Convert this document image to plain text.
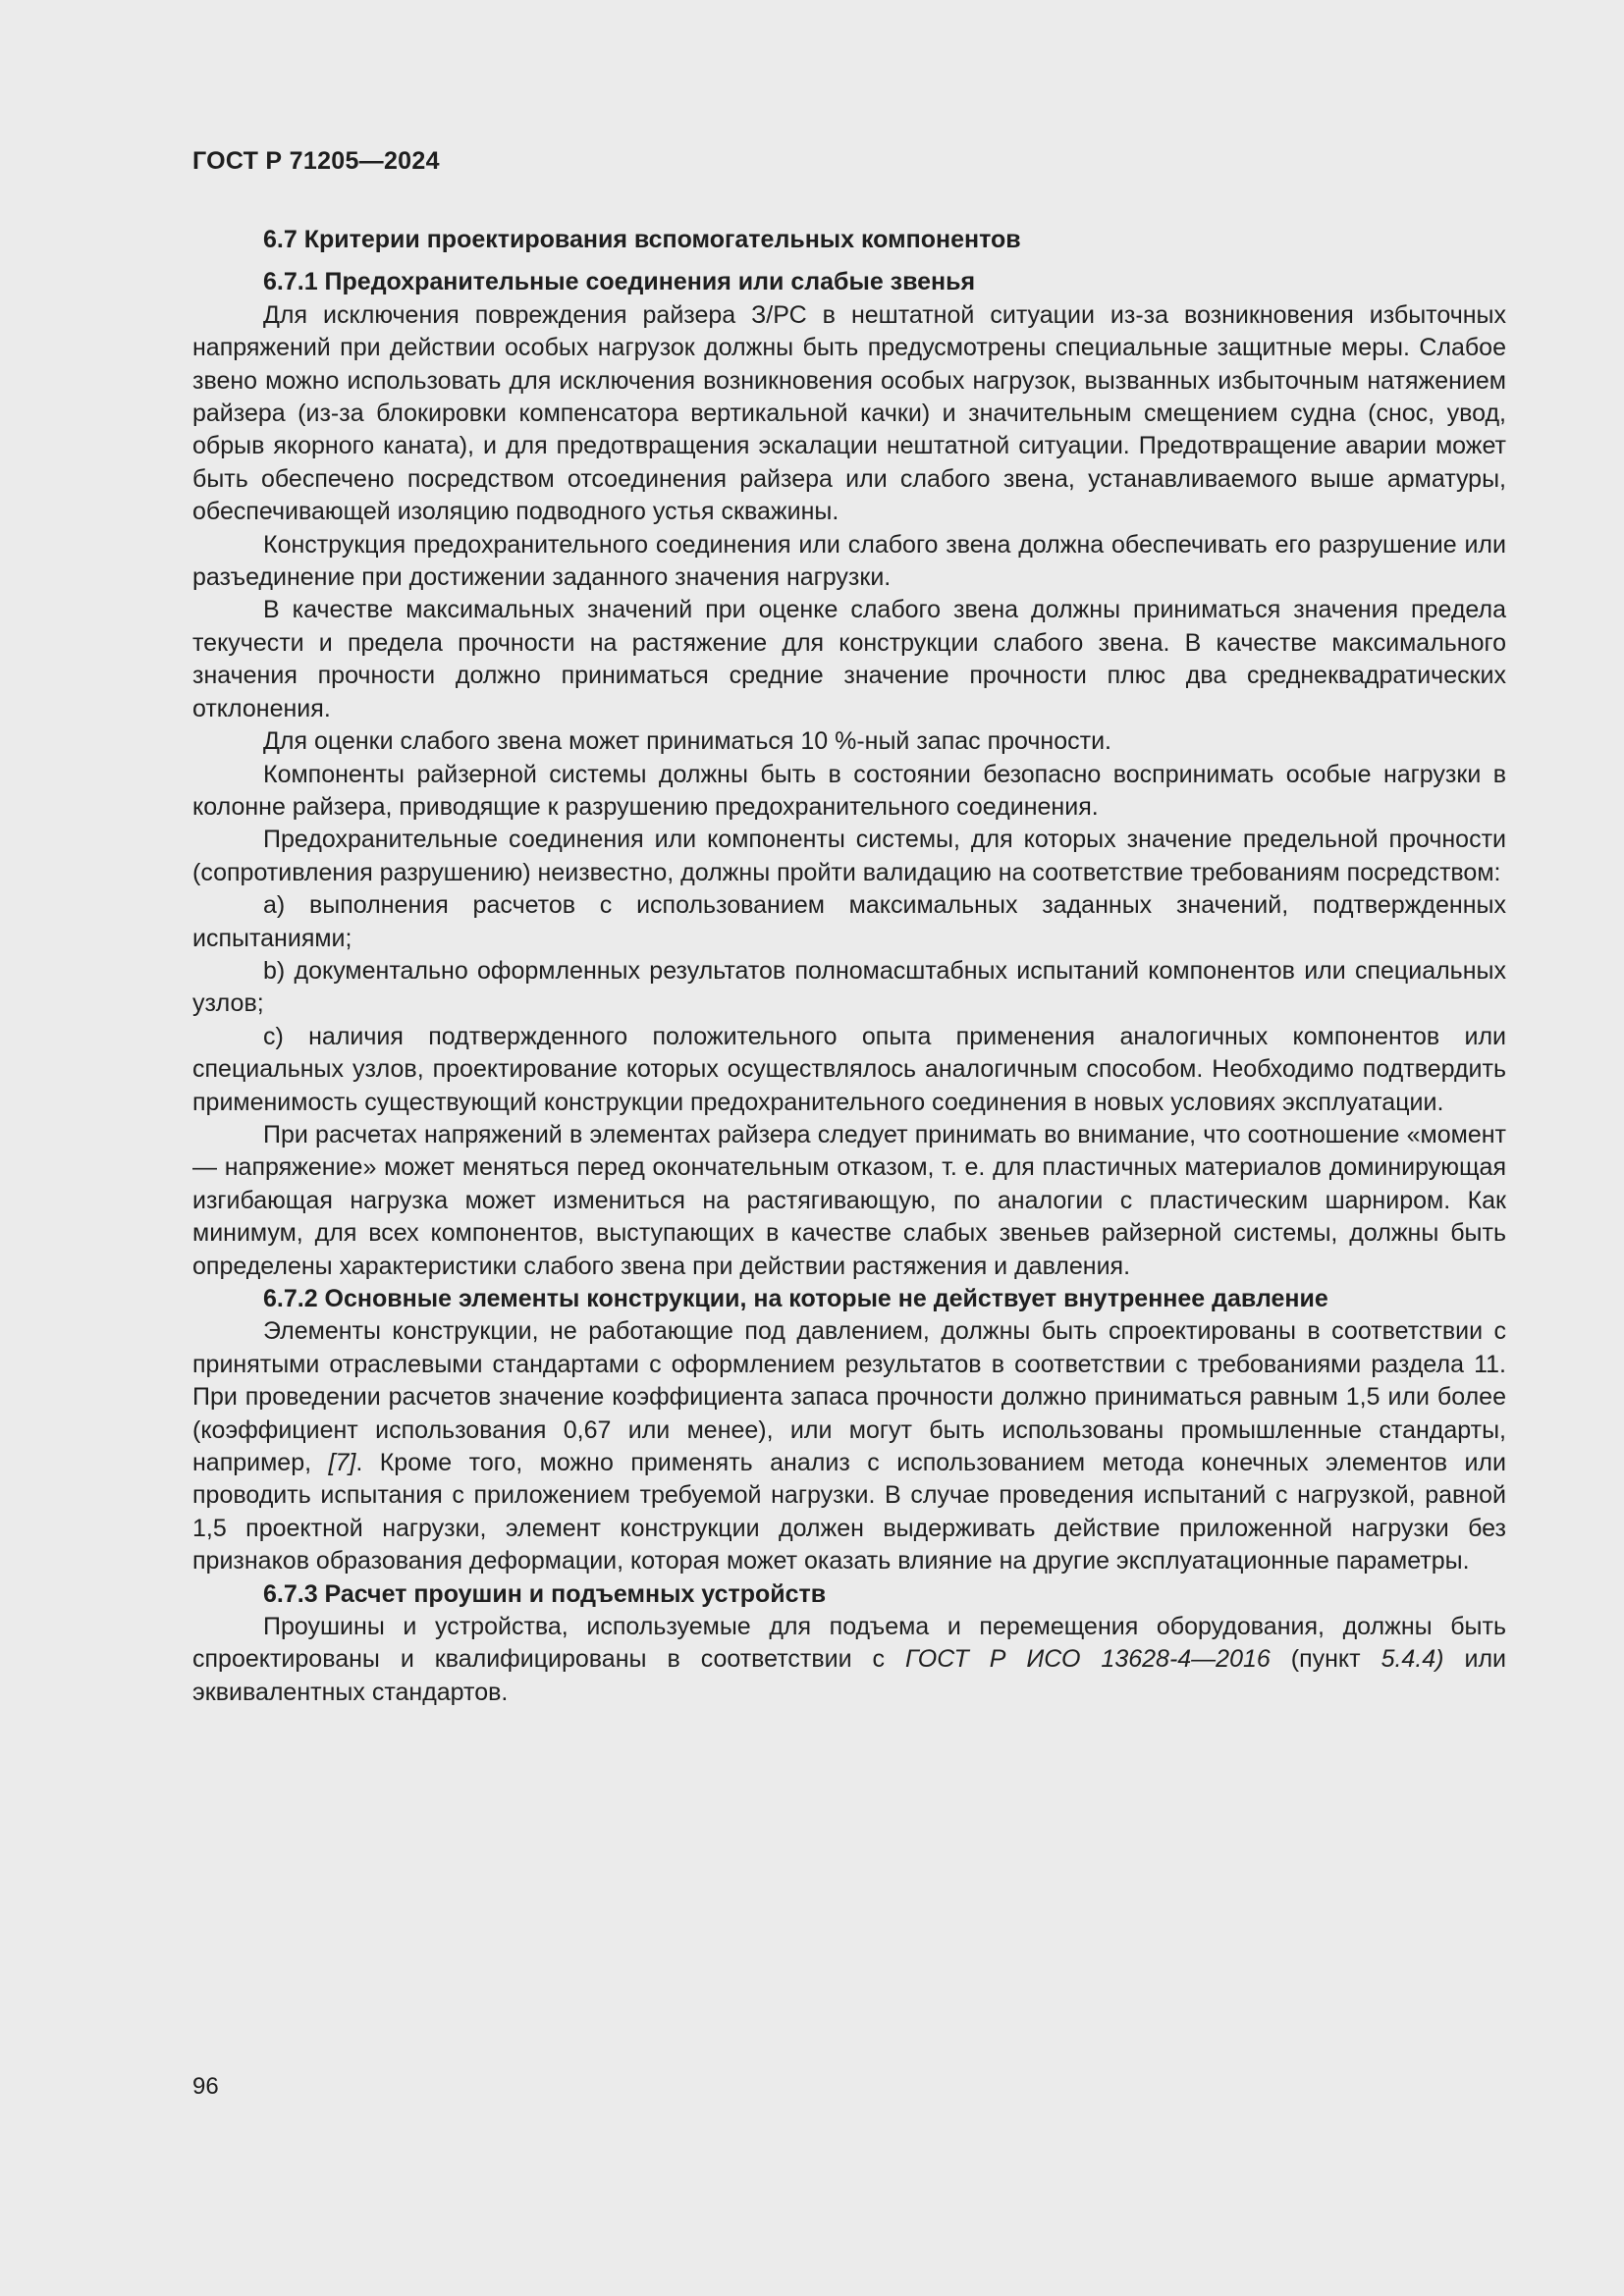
ГОСТ Р 71205—2024
6.7 Критерии проектирования вспомогательных компонентов
6.7.1 Предохранительные соединения или слабые звенья

Для исключения повреждения райзера З/РС в нештатной ситуации из-за возникновения избыточных напряжений при действии особых нагрузок должны быть предусмотрены специальные защитные меры. Слабое звено можно использовать для исключения возникновения особых нагрузок, вызванных избыточным натяжением райзера (из-за блокировки компенсатора вертикальной качки) и значительным смещением судна (снос, увод, обрыв якорного каната), и для предотвращения эскалации нештатной ситуации. Предотвращение аварии может быть обеспечено посредством отсоединения райзера или слабого звена, устанавливаемого выше арматуры, обеспечивающей изоляцию подводного устья скважины.

Конструкция предохранительного соединения или слабого звена должна обеспечивать его разрушение или разъединение при достижении заданного значения нагрузки.

В качестве максимальных значений при оценке слабого звена должны приниматься значения предела текучести и предела прочности на растяжение для конструкции слабого звена. В качестве максимального значения прочности должно приниматься средние значение прочности плюс два среднеквадратических отклонения.

Для оценки слабого звена может приниматься 10 %-ный запас прочности.

Компоненты райзерной системы должны быть в состоянии безопасно воспринимать особые нагрузки в колонне райзера, приводящие к разрушению предохранительного соединения.

Предохранительные соединения или компоненты системы, для которых значение предельной прочности (сопротивления разрушению) неизвестно, должны пройти валидацию на соответствие требованиям посредством:

a) выполнения расчетов с использованием максимальных заданных значений, подтвержденных испытаниями;

b) документально оформленных результатов полномасштабных испытаний компонентов или специальных узлов;

c) наличия подтвержденного положительного опыта применения аналогичных компонентов или специальных узлов, проектирование которых осуществлялось аналогичным способом. Необходимо подтвердить применимость существующий конструкции предохранительного соединения в новых условиях эксплуатации.

При расчетах напряжений в элементах райзера следует принимать во внимание, что соотношение «момент — напряжение» может меняться перед окончательным отказом, т. е. для пластичных материалов доминирующая изгибающая нагрузка может измениться на растягивающую, по аналогии с пластическим шарниром. Как минимум, для всех компонентов, выступающих в качестве слабых звеньев райзерной системы, должны быть определены характеристики слабого звена при действии растяжения и давления.

6.7.2 Основные элементы конструкции, на которые не действует внутреннее давление

Элементы конструкции, не работающие под давлением, должны быть спроектированы в соответствии с принятыми отраслевыми стандартами с оформлением результатов в соответствии с требованиями раздела 11. При проведении расчетов значение коэффициента запаса прочности должно приниматься равным 1,5 или более (коэффициент использования 0,67 или менее), или могут быть использованы промышленные стандарты, например, [7]. Кроме того, можно применять анализ с использованием метода конечных элементов или проводить испытания с приложением требуемой нагрузки. В случае проведения испытаний с нагрузкой, равной 1,5 проектной нагрузки, элемент конструкции должен выдерживать действие приложенной нагрузки без признаков образования деформации, которая может оказать влияние на другие эксплуатационные параметры.

6.7.3 Расчет проушин и подъемных устройств

Проушины и устройства, используемые для подъема и перемещения оборудования, должны быть спроектированы и квалифицированы в соответствии с ГОСТ Р ИСО 13628-4—2016 (пункт 5.4.4) или эквивалентных стандартов.

96
